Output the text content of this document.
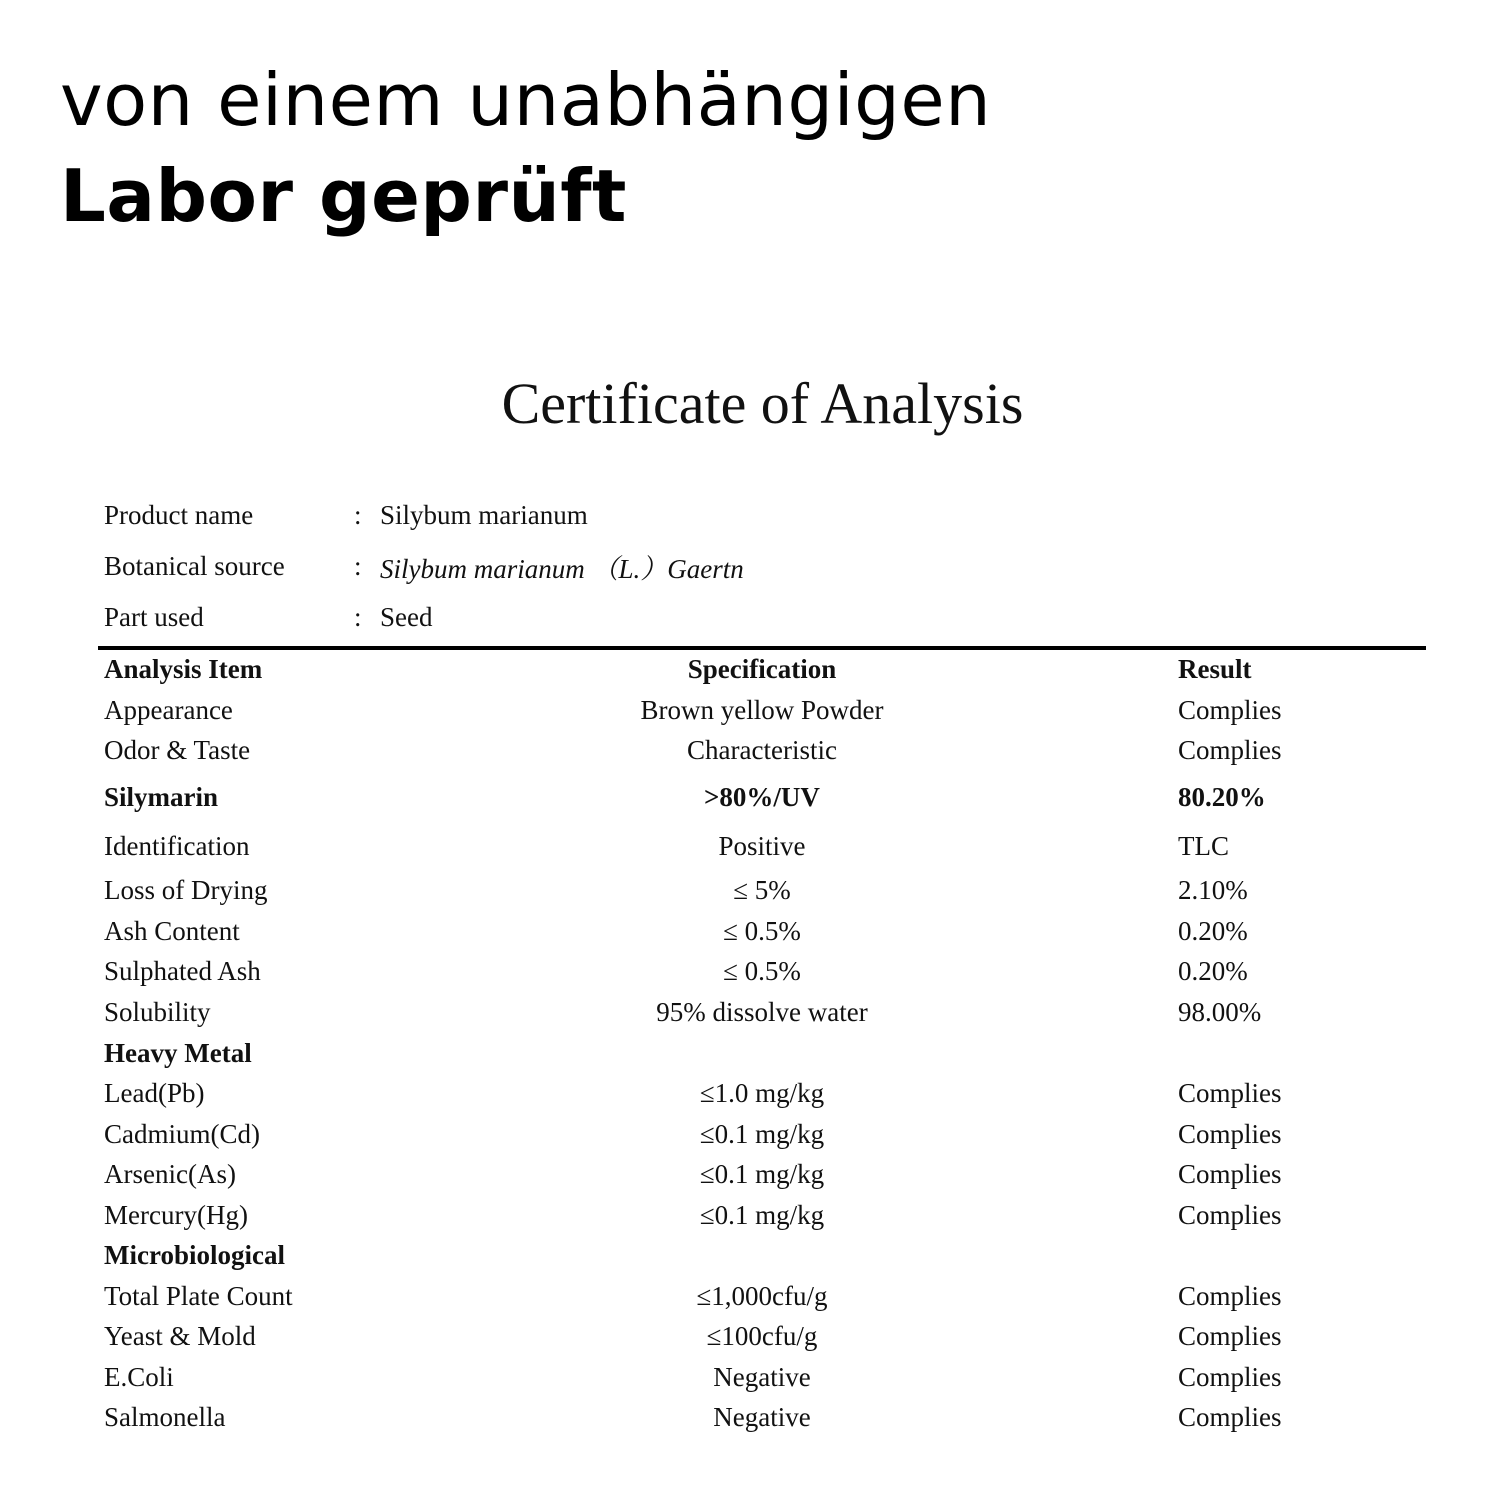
von einem unabhängigen
Labor geprüft
Certificate of Analysis
Product name	: Silybum marianum
Botanical source	: Silybum marianum （L.）Gaertn
Part used	: Seed
Analysis Item	Specification	Result
Appearance	Brown yellow Powder	Complies
Odor & Taste	Characteristic	Complies
Silymarin	>80%/UV	80.20%
Identification	Positive	TLC
Loss of Drying	≤ 5%	2.10%
Ash Content	≤ 0.5%	0.20%
Sulphated Ash	≤ 0.5%	0.20%
Solubility	95% dissolve water	98.00%
Heavy Metal
Lead(Pb)	≤1.0 mg/kg	Complies
Cadmium(Cd)	≤0.1 mg/kg	Complies
Arsenic(As)	≤0.1 mg/kg	Complies
Mercury(Hg)	≤0.1 mg/kg	Complies
Microbiological
Total Plate Count	≤1,000cfu/g	Complies
Yeast & Mold	≤100cfu/g	Complies
E.Coli	Negative	Complies
Salmonella	Negative	Complies
